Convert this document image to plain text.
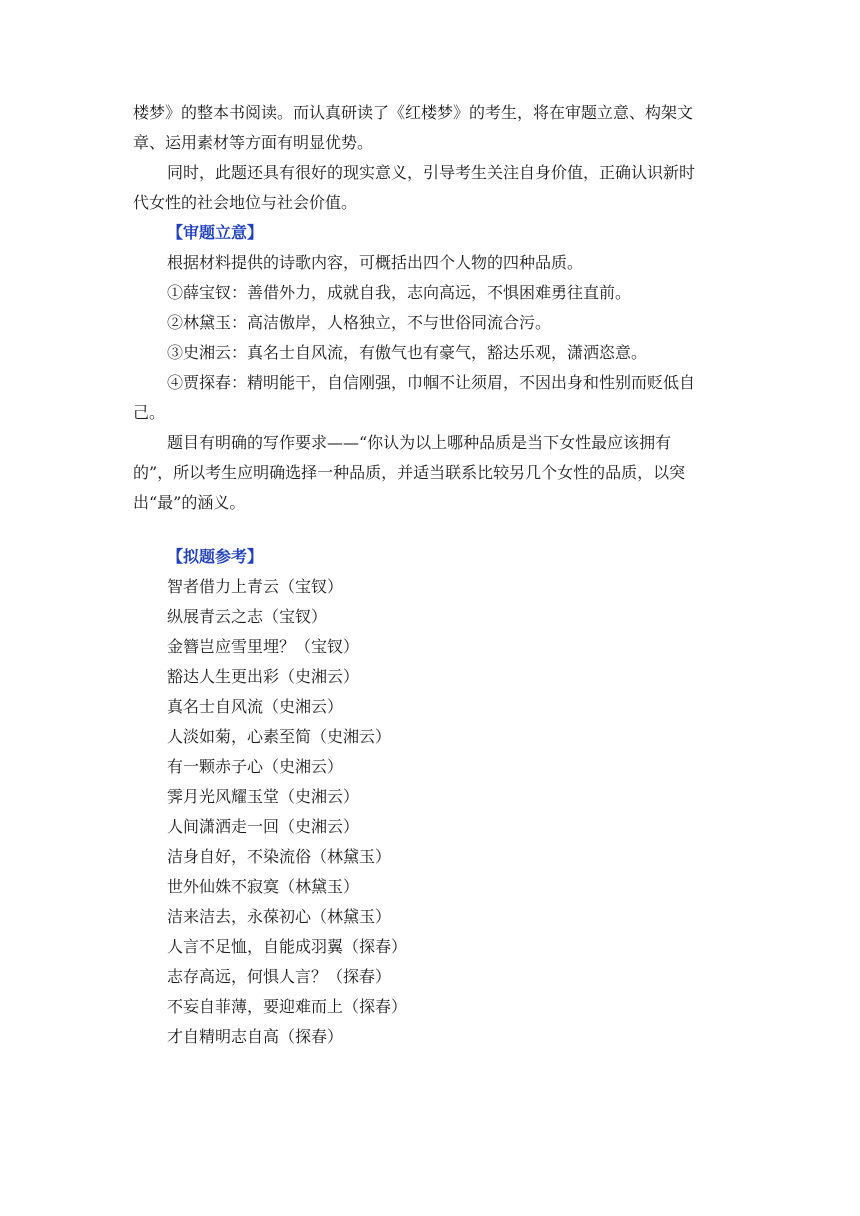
楼梦》的整本书阅读。而认真研读了《红楼梦》的考生，将在审题立意、构架文
章、运用素材等方面有明显优势。
同时，此题还具有很好的现实意义，引导考生关注自身价值，正确认识新时
代女性的社会地位与社会价值。
【审题立意】
根据材料提供的诗歌内容，可概括出四个人物的四种品质。
①薛宝钗：善借外力，成就自我，志向高远，不惧困难勇往直前。
②林黛玉：高洁傲岸，人格独立，不与世俗同流合污。
③史湘云：真名士自风流，有傲气也有豪气，豁达乐观，潇洒恣意。
④贾探春：精明能干，自信刚强，巾帼不让须眉，不因出身和性别而贬低自
己。
题目有明确的写作要求——“你认为以上哪种品质是当下女性最应该拥有
的”，所以考生应明确选择一种品质，并适当联系比较另几个女性的品质，以突
出“最”的涵义。
【拟题参考】
智者借力上青云（宝钗）
纵展青云之志（宝钗）
金簪岂应雪里埋？（宝钗）
豁达人生更出彩（史湘云）
真名士自风流（史湘云）
人淡如菊，心素至简（史湘云）
有一颗赤子心（史湘云）
霁月光风耀玉堂（史湘云）
人间潇洒走一回（史湘云）
洁身自好，不染流俗（林黛玉）
世外仙姝不寂寞（林黛玉）
洁来洁去，永葆初心（林黛玉）
人言不足恤，自能成羽翼（探春）
志存高远，何惧人言？（探春）
不妄自菲薄，要迎难而上（探春）
才自精明志自高（探春）
